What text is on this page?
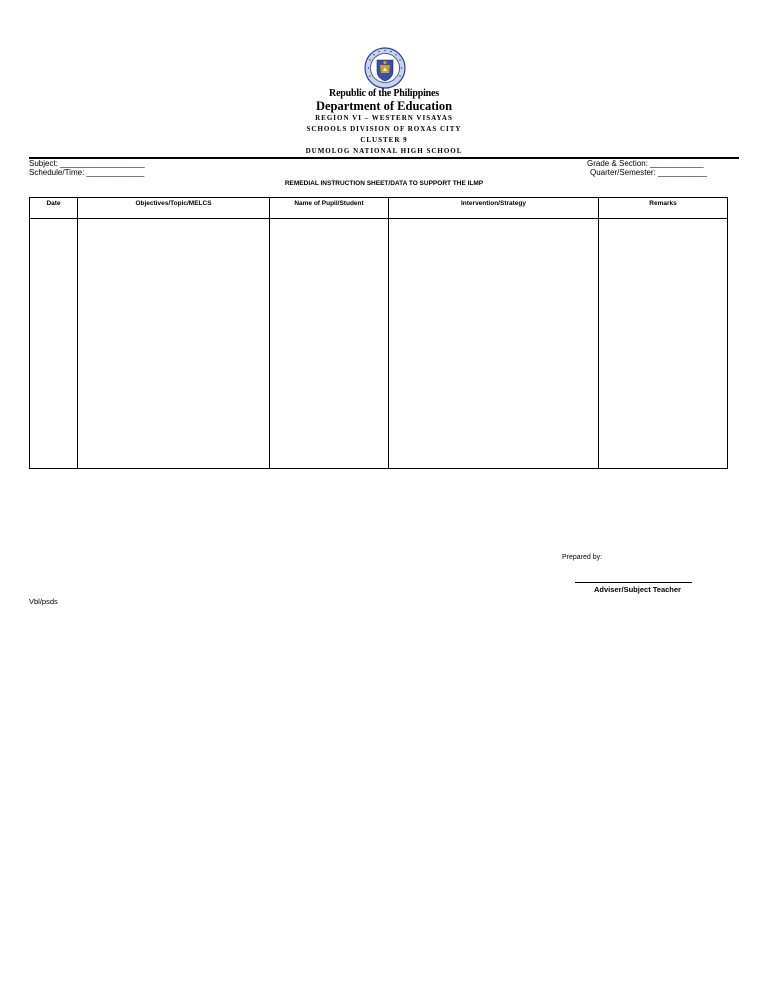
Republic of the Philippines
Department of Education
REGION VI – WESTERN VISAYAS
SCHOOLS DIVISION OF ROXAS CITY
CLUSTER 9
DUMOLOG NATIONAL HIGH SCHOOL
Subject: ___________________
Schedule/Time: _____________
Grade & Section: ____________
Quarter/Semester: ___________
REMEDIAL INSTRUCTION SHEET/DATA TO SUPPORT THE ILMP
Date	Objectives/Topic/MELCS	Name of Pupil/Student	Intervention/Strategy	Remarks

Prepared by:
Adviser/Subject Teacher
Vbl/psds
